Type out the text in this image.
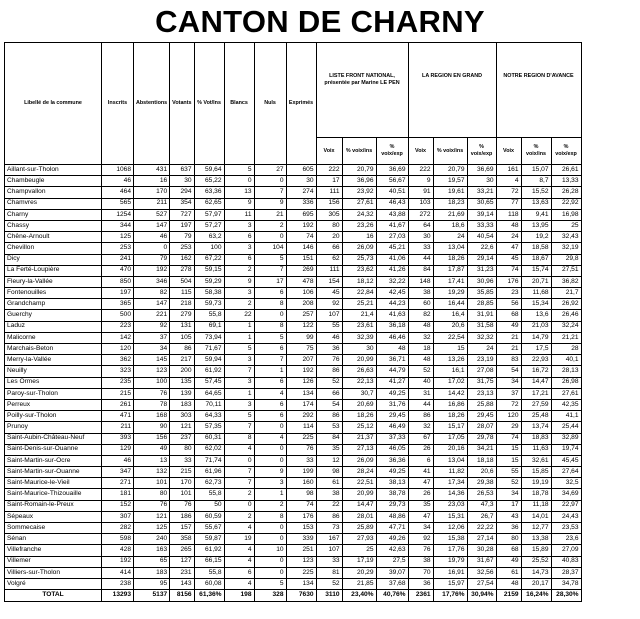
CANTON DE CHARNY
Libellé de la commune	Inscrits	Abstentions	Votants	% Vot/Ins	Blancs	Nuls	Exprimés	LISTE FRONT NATIONAL, présentée par Marine LE PEN			LA REGION EN GRAND			NOTRE REGION D'AVANCE		
								Voix	% voix/ins	% voix/exp	Voix	% voix/ins	% voix/exp	Voix	% voix/ins	% voix/exp
Aillant-sur-Tholon	1068	431	637	59,64	5	27	605	222	20,79	36,69	222	20,79	36,69	161	15,07	26,61
Chambeugle	46	16	30	65,22	0	0	30	17	36,96	56,67	9	19,57	30	4	8,7	13,33
Champvallon	464	170	294	63,36	13	7	274	111	23,92	40,51	91	19,61	33,21	72	15,52	26,28
Chamvres	565	211	354	62,65	9	9	336	156	27,61	46,43	103	18,23	30,65	77	13,63	22,92
Charny	1254	527	727	57,97	11	21	695	305	24,32	43,88	272	21,69	39,14	118	9,41	16,98
Chassy	344	147	197	57,27	3	2	192	80	23,26	41,67	64	18,6	33,33	48	13,95	25
Chêne-Arnoult	125	46	79	63,2	6	0	74	20	16	27,03	30	24	40,54	24	19,2	32,43
Chevillon	253	0	253	100	3	104	146	66	26,09	45,21	33	13,04	22,6	47	18,58	32,19
Dicy	241	79	162	67,22	6	5	151	62	25,73	41,06	44	18,26	29,14	45	18,67	29,8
La Ferté-Loupière	470	192	278	59,15	2	7	269	111	23,62	41,26	84	17,87	31,23	74	15,74	27,51
Fleury-la-Vallée	850	346	504	59,29	9	17	478	154	18,12	32,22	148	17,41	30,96	176	20,71	36,82
Fontenouilles	197	82	115	58,38	3	6	106	45	22,84	42,45	38	19,29	35,85	23	11,68	21,7
Grandchamp	365	147	218	59,73	2	8	208	92	25,21	44,23	60	16,44	28,85	56	15,34	26,92
Guerchy	500	221	279	55,8	22	0	257	107	21,4	41,63	82	16,4	31,91	68	13,6	26,46
Laduz	223	92	131	69,1	1	8	122	55	23,61	36,18	48	20,6	31,58	49	21,03	32,24
Malicorne	142	37	105	73,94	1	5	99	46	32,39	46,46	32	22,54	32,32	21	14,79	21,21
Marchais-Beton	120	34	86	71,67	5	6	75	36	30	48	18	15	24	21	17,5	28
Merry-la-Vallée	362	145	217	59,94	3	7	207	76	20,99	36,71	48	13,26	23,19	83	22,93	40,1
Neuilly	323	123	200	61,92	7	1	192	86	26,63	44,79	52	16,1	27,08	54	16,72	28,13
Les Ormes	235	100	135	57,45	3	6	126	52	22,13	41,27	40	17,02	31,75	34	14,47	26,98
Paroy-sur-Tholon	215	76	139	64,65	1	4	134	66	30,7	49,25	31	14,42	23,13	37	17,21	27,61
Perreux	261	78	183	70,11	3	6	174	54	20,69	31,76	44	16,86	25,88	72	27,59	42,35
Poilly-sur-Tholon	471	168	303	64,33	5	6	292	86	18,26	29,45	86	18,26	29,45	120	25,48	41,1
Prunoy	211	90	121	57,35	7	0	114	53	25,12	46,49	32	15,17	28,07	29	13,74	25,44
Saint-Aubin-Château-Neuf	393	156	237	60,31	8	4	225	84	21,37	37,33	67	17,05	29,78	74	18,83	32,89
Saint-Denis-sur-Ouanne	129	49	80	62,02	4	0	76	35	27,13	46,05	26	20,16	34,21	15	11,63	19,74
Saint-Martin-sur-Ocre	46	13	33	71,74	0	0	33	12	26,09	36,36	6	13,04	18,18	15	32,61	45,45
Saint-Martin-sur-Ouanne	347	132	215	61,96	7	9	199	98	28,24	49,25	41	11,82	20,6	55	15,85	27,64
Saint-Maurice-le-Vieil	271	101	170	62,73	7	3	160	61	22,51	38,13	47	17,34	29,38	52	19,19	32,5
Saint-Maurice-Thizouaille	181	80	101	55,8	2	1	98	38	20,99	38,78	26	14,36	26,53	34	18,78	34,69
Saint-Romain-le-Preux	152	76	76	50	0	2	74	22	14,47	29,73	35	23,03	47,3	17	11,18	22,97
Sépeaux	307	121	186	60,59	2	8	176	86	28,01	48,86	47	15,31	26,7	43	14,01	24,43
Sommecaise	282	125	157	55,67	4	0	153	73	25,89	47,71	34	12,06	22,22	36	12,77	23,53
Sénan	598	240	358	59,87	19	0	339	167	27,93	49,26	92	15,38	27,14	80	13,38	23,6
Villefranche	428	163	265	61,92	4	10	251	107	25	42,63	76	17,76	30,28	68	15,89	27,09
Villemer	192	65	127	66,15	4	0	123	33	17,19	27,5	38	19,79	31,67	49	25,52	40,83
Villiers-sur-Tholon	414	183	231	55,8	6	0	225	81	20,29	39,07	70	16,91	32,56	61	14,73	28,37
Volgré	238	95	143	60,08	4	5	134	52	21,85	37,68	36	15,97	27,54	48	20,17	34,78
TOTAL	13293	5137	8156	61,36%	198	328	7630	3110	23,40%	40,76%	2361	17,76%	30,94%	2159	16,24%	28,30%
